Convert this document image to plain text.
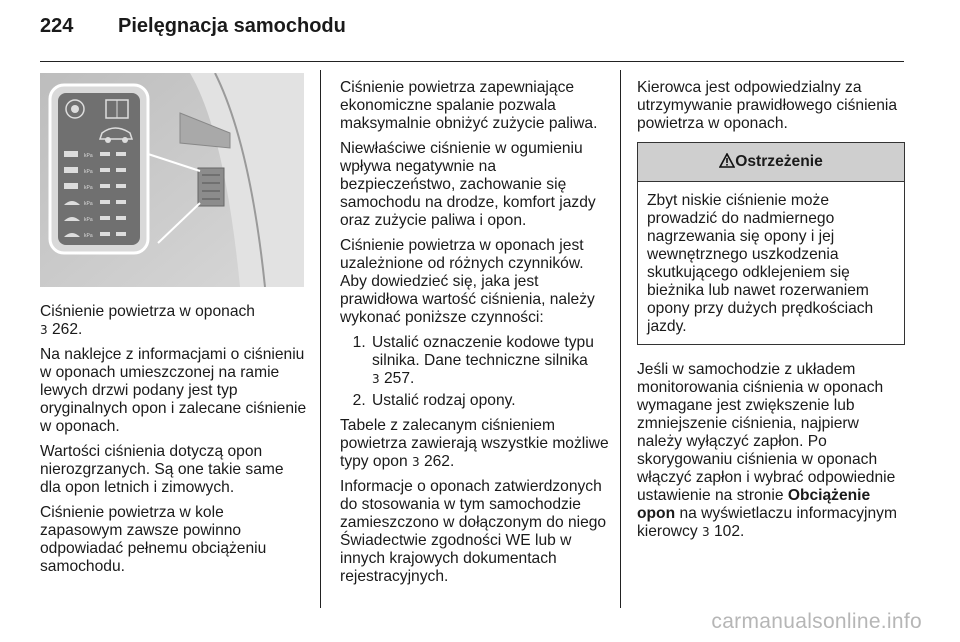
224 Pielęgnacja samochodu
kPa
kPa
kPa
kPa
kPa
kPa

Ciśnienie powietrza w oponach
3 262.

Na naklejce z informacjami o ciśnieniu w oponach umieszczonej na ramie lewych drzwi podany jest typ oryginalnych opon i zalecane ciśnienie w oponach.

Wartości ciśnienia dotyczą opon nierozgrzanych. Są one takie same dla opon letnich i zimowych.

Ciśnienie powietrza w kole zapasowym zawsze powinno odpowiadać pełnemu obciążeniu samochodu.

Ciśnienie powietrza zapewniające ekonomiczne spalanie pozwala maksymalnie obniżyć zużycie paliwa.

Niewłaściwe ciśnienie w ogumieniu wpływa negatywnie na bezpieczeństwo, zachowanie się samochodu na drodze, komfort jazdy oraz zużycie paliwa i opon.

Ciśnienie powietrza w oponach jest uzależnione od różnych czynników. Aby dowiedzieć się, jaka jest prawidłowa wartość ciśnienia, należy wykonać poniższe czynności:

1. Ustalić oznaczenie kodowe typu silnika. Dane techniczne silnika
3 257.
2. Ustalić rodzaj opony.

Tabele z zalecanym ciśnieniem powietrza zawierają wszystkie możliwe typy opon 3 262.

Informacje o oponach zatwierdzonych do stosowania w tym samochodzie zamieszczono w dołączonym do niego Świadectwie zgodności WE lub w innych krajowych dokumentach rejestracyjnych.

Kierowca jest odpowiedzialny za utrzymywanie prawidłowego ciśnienia powietrza w oponach.

Ostrzeżenie
Zbyt niskie ciśnienie może prowadzić do nadmiernego nagrzewania się opony i jej wewnętrznego uszkodzenia skutkującego odklejeniem się bieżnika lub nawet rozerwaniem opony przy dużych prędkościach jazdy.

Jeśli w samochodzie z układem monitorowania ciśnienia w oponach wymagane jest zwiększenie lub zmniejszenie ciśnienia, najpierw należy wyłączyć zapłon. Po skorygowaniu ciśnienia w oponach włączyć zapłon i wybrać odpowiednie ustawienie na stronie Obciążenie opon na wyświetlaczu informacyjnym kierowcy 3 102.

carmanualsonline.info
